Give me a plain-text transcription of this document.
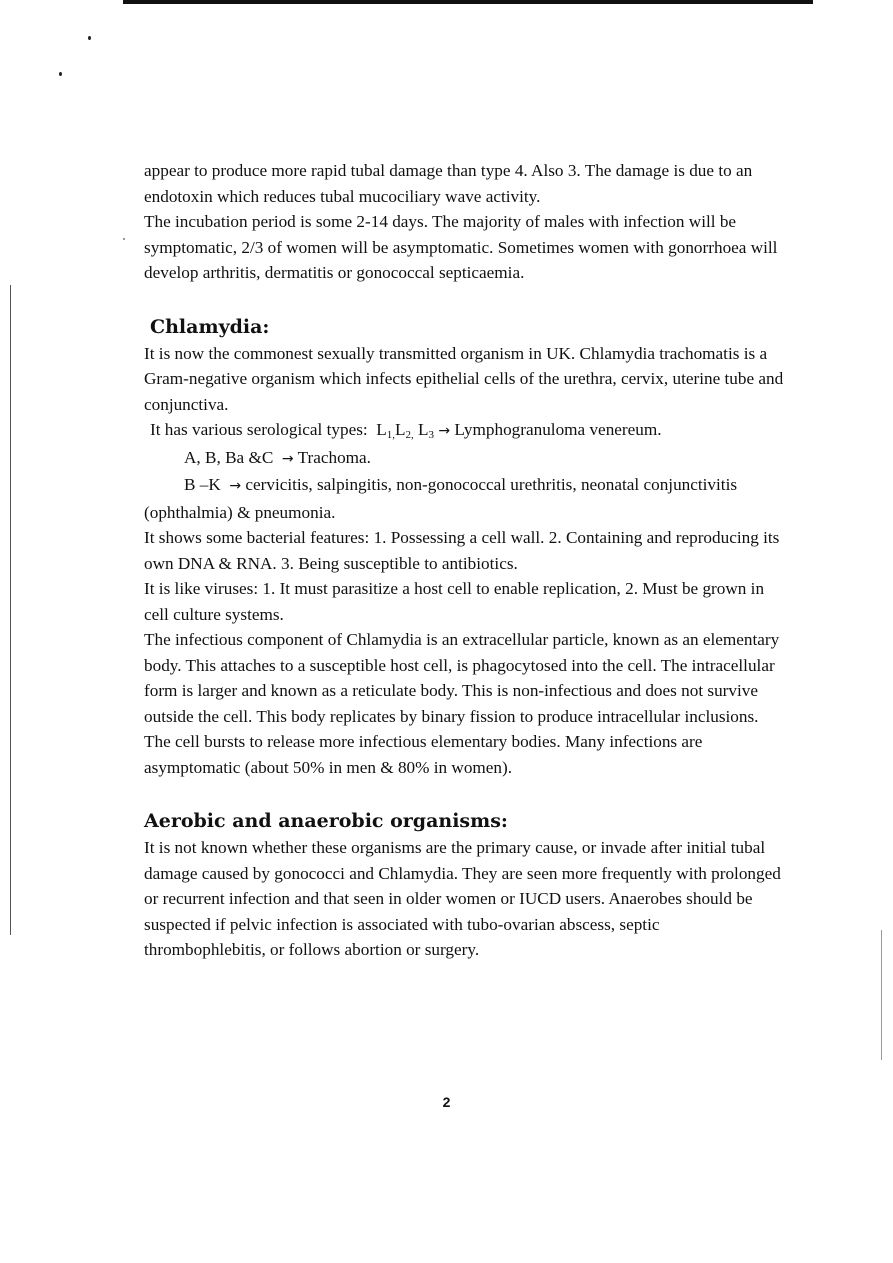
appear to produce more rapid tubal damage than type 4. Also 3. The damage is due to an endotoxin which reduces tubal mucociliary wave activity.

The incubation period is some 2-14 days. The majority of males with infection will be symptomatic, 2/3 of women will be asymptomatic. Sometimes women with gonorrhoea will develop arthritis, dermatitis or gonococcal septicaemia.

Chlamydia:

It is now the commonest sexually transmitted organism in UK. Chlamydia trachomatis is a Gram-negative organism which infects epithelial cells of the urethra, cervix, uterine tube and conjunctiva.

It has various serological types: $L_{1,}L_{2,}$ $L_3$ → Lymphogranuloma venereum.

A, B, Ba &C → Trachoma.

B –K → cervicitis, salpingitis, non-gonococcal urethritis, neonatal conjunctivitis (ophthalmia) & pneumonia.

It shows some bacterial features: 1. Possessing a cell wall. 2. Containing and reproducing its own DNA & RNA. 3. Being susceptible to antibiotics.

It is like viruses: 1. It must parasitize a host cell to enable replication, 2. Must be grown in cell culture systems.

The infectious component of Chlamydia is an extracellular particle, known as an elementary body. This attaches to a susceptible host cell, is phagocytosed into the cell. The intracellular form is larger and known as a reticulate body. This is non-infectious and does not survive outside the cell. This body replicates by binary fission to produce intracellular inclusions. The cell bursts to release more infectious elementary bodies. Many infections are asymptomatic (about 50% in men & 80% in women).

Aerobic and anaerobic organisms:

It is not known whether these organisms are the primary cause, or invade after initial tubal damage caused by gonococci and Chlamydia. They are seen more frequently with prolonged or recurrent infection and that seen in older women or IUCD users. Anaerobes should be suspected if pelvic infection is associated with tubo-ovarian abscess, septic thrombophlebitis, or follows abortion or surgery.

2
